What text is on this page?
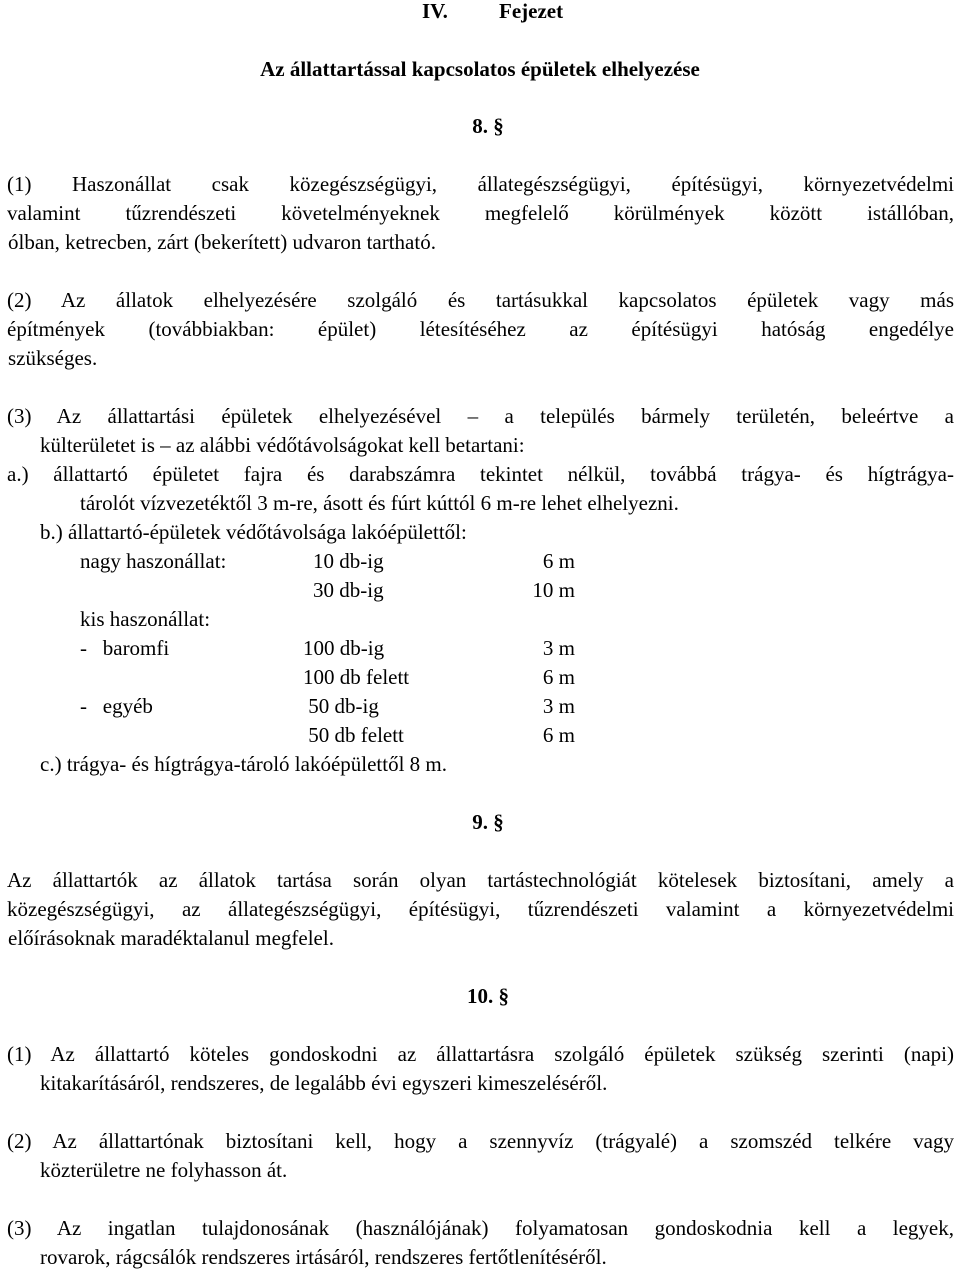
IV. Fejezet
Az állattartással kapcsolatos épületek elhelyezése
8. §
(1) Haszonállat csak közegészségügyi, állategészségügyi, építésügyi, környezetvédelmi
valamint tűzrendészeti követelményeknek megfelelő körülmények között istállóban,
ólban, ketrecben, zárt (bekerített) udvaron tartható.
(2) Az állatok elhelyezésére szolgáló és tartásukkal kapcsolatos épületek vagy más
építmények (továbbiakban: épület) létesítéséhez az építésügyi hatóság engedélye
szükséges.
(3) Az állattartási épületek elhelyezésével – a település bármely területén, beleértve a
külterületet is – az alábbi védőtávolságokat kell betartani:
a.) állattartó épületet fajra és darabszámra tekintet nélkül, továbbá trágya- és hígtrágya-
tárolót vízvezetéktől 3 m-re, ásott és fúrt kúttól 6 m-re lehet elhelyezni.
b.) állattartó-épületek védőtávolsága lakóépülettől:
nagy haszonállat:	10 db-ig	6 m
30 db-ig	10 m
kis haszonállat:
-   baromfi	100 db-ig	3 m
100 db felett	6 m
-   egyéb	50 db-ig	3 m
50 db felett	6 m
c.) trágya- és hígtrágya-tároló lakóépülettől 8 m.
9. §
Az állattartók az állatok tartása során olyan tartástechnológiát kötelesek biztosítani, amely a
közegészségügyi, az állategészségügyi, építésügyi, tűzrendészeti valamint a környezetvédelmi
előírásoknak maradéktalanul megfelel.
10. §
(1) Az állattartó köteles gondoskodni az állattartásra szolgáló épületek szükség szerinti (napi)
kitakarításáról, rendszeres, de legalább évi egyszeri kimeszeléséről.
(2) Az állattartónak biztosítani kell, hogy a szennyvíz (trágyalé) a szomszéd telkére vagy
közterületre ne folyhasson át.
(3) Az ingatlan tulajdonosának (használójának) folyamatosan gondoskodnia kell a legyek,
rovarok, rágcsálók rendszeres irtásáról, rendszeres fertőtlenítéséről.
